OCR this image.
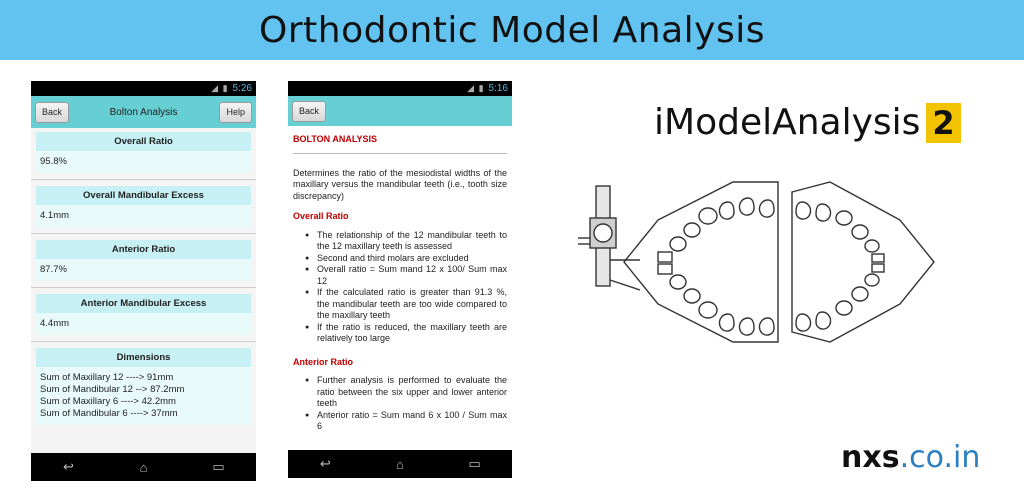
Orthodontic Model Analysis
◢ ▮ 5:26
Back	Bolton Analysis	Help
Overall Ratio
95.8%
Overall Mandibular Excess
4.1mm
Anterior Ratio
87.7%
Anterior Mandibular Excess
4.4mm
Dimensions
Sum of Maxillary 12 ----> 91mm
Sum of Mandibular 12 --> 87.2mm
Sum of Maxillary 6 ----> 42.2mm
Sum of Mandibular 6 ----> 37mm
↩	⌂	▭
◢ ▮ 5:16
Back
BOLTON ANALYSIS
Determines the ratio of the mesiodistal widths of the maxillary versus the mandibular teeth (i.e., tooth size discrepancy)
Overall Ratio
● The relationship of the 12 mandibular teeth to the 12 maxillary teeth is assessed
● Second and third molars are excluded
● Overall ratio = Sum mand 12 x 100/ Sum max 12
● If the calculated ratio is greater than 91.3 %, the mandibular teeth are too wide compared to the maxillary teeth
● If the ratio is reduced, the maxillary teeth are relatively too large
Anterior Ratio
● Further analysis is performed to evaluate the ratio between the six upper and lower anterior teeth
● Anterior ratio = Sum mand 6 x 100 / Sum max 6
↩	⌂	▭
iModelAnalysis 2
nxs.co.in
